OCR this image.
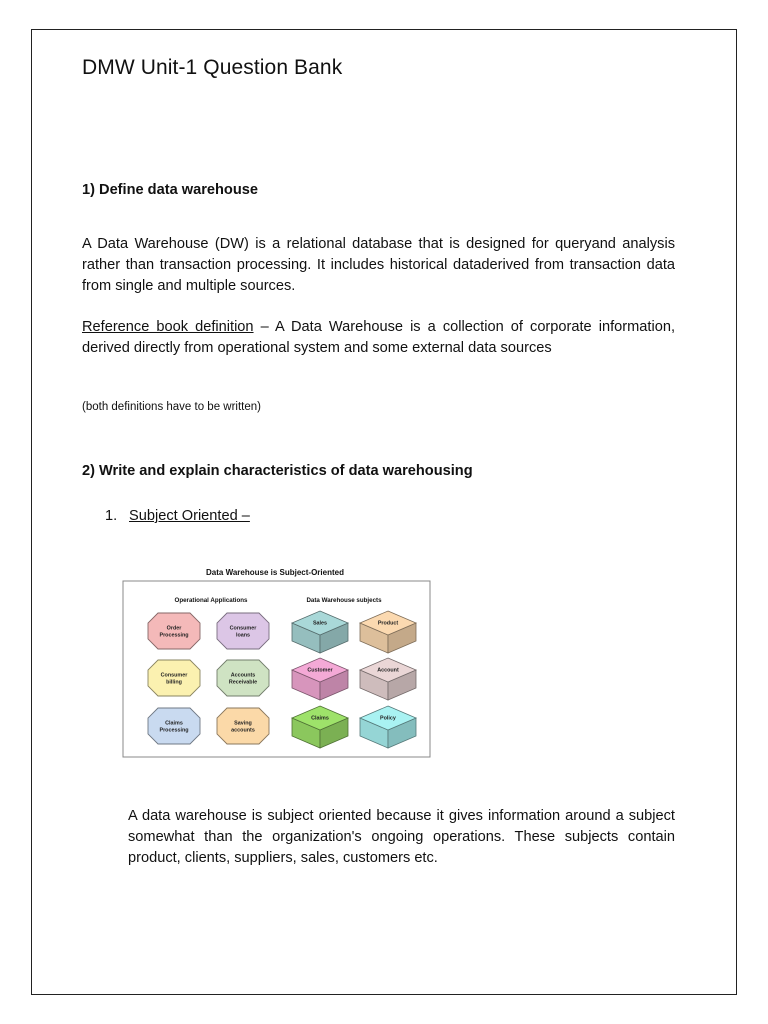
DMW Unit-1 Question Bank
1) Define data warehouse
A Data Warehouse (DW) is a relational database that is designed for queryand analysis rather than transaction processing. It includes historical dataderived from transaction data from single and multiple sources.
Reference book definition – A Data Warehouse is a collection of corporate information, derived directly from operational system and some external data sources
(both definitions have to be written)
2) Write and explain characteristics of data warehousing
1. Subject Oriented –
Data Warehouse is Subject-Oriented
Operational Applications	Data Warehouse subjects
Order
Processing
Consumer
loans
Consumer
billing
Accounts
Receivable
Claims
Processing
Saving
accounts
Sales	Product
Customer	Account
Claims	Policy
A data warehouse is subject oriented because it gives information around a subject somewhat than the organization's ongoing operations. These subjects contain product, clients, suppliers, sales, customers etc.
